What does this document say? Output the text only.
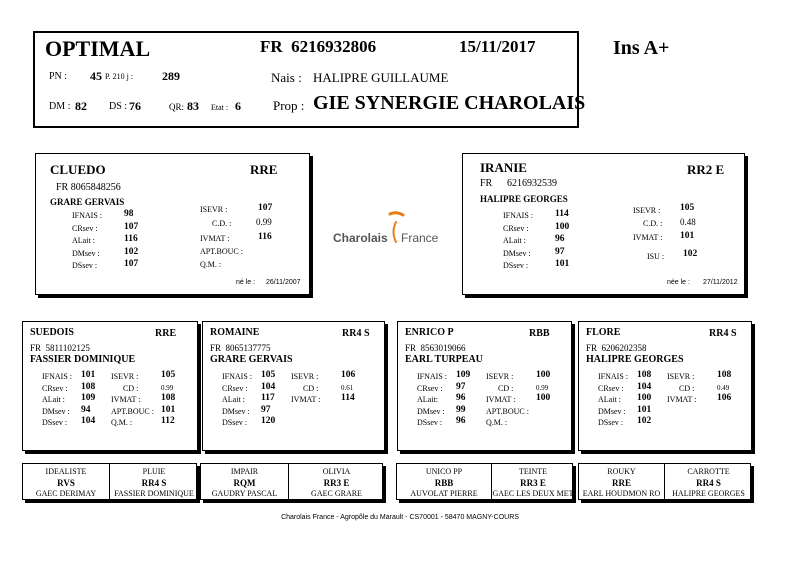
OPTIMAL	FR  6216932806	15/11/2017	Ins A+
PN : 45 P. 210 j : 289	Nais : HALIPRE GUILLAUME
DM : 82 DS : 76	QR: 83 Etat : 6 Prop : GIE SYNERGIE CHAROLAIS
CLUEDO	RRE
FR 8065848256
GRARE GERVAIS
IFNAIS : 98
CRsev :	107
ALait :	116
DMsev :	102
DSsev :	107
ISEVR :	107
C.D. :	0.99
IVMAT :	116
APT.BOUC :
Q.M. :
né le : 26/11/2007
Charolais France
IRANIE	RR2 E
FR 6216932539
HALIPRE GEORGES
IFNAIS : 114
CRsev :	100
ALait :	96
DMsev :	97
DSsev :	101
ISEVR : 105
C.D. : 0.48
IVMAT : 101
ISU : 102
née le : 27/11/2012
SUEDOIS	RRE
FR  5811102125
FASSIER DOMINIQUE
IFNAIS : 101
CRsev : 108
ALait : 109
DMsev : 94
DSsev : 104
ISEVR : 105
CD :	0.99
IVMAT : 108
APT.BOUC : 101
Q.M. :	112
ROMAINE	RR4 S
FR  8065137775
GRARE GERVAIS
IFNAIS : 105
CRsev : 104
ALait : 117
DMsev : 97
DSsev : 120
ISEVR : 106
CD :	0.61
IVMAT : 114
ENRICO P	RBB
FR  8563019066
EARL TURPEAU
IFNAIS : 109
CRsev : 97
ALait: 96
DMsev : 99
DSsev : 96
ISEVR : 100
CD :	0.99
IVMAT : 100
APT.BOUC :
Q.M. :
FLORE	RR4 S
FR  6206202358
HALIPRE GEORGES
IFNAIS : 108
CRsev : 104
ALait : 100
DMsev : 101
DSsev : 102
ISEVR : 108
CD :	0.49
IVMAT : 106
IDEALISTE
RVS
GAEC DERIMAY
PLUIE
RR4 S
FASSIER DOMINIQUE
IMPAIR
RQM
GAUDRY PASCAL
OLIVIA
RR3 E
GAEC GRARE
UNICO PP
RBB
AUVOLAT PIERRE
TEINTE
RR3 E
GAEC LES DEUX MET
ROUKY
RRE
EARL HOUDMON RO
CARROTTE
RR4 S
HALIPRE GEORGES
Charolais France - Agropôle du Marault - CS70001 - 58470 MAGNY-COURS
